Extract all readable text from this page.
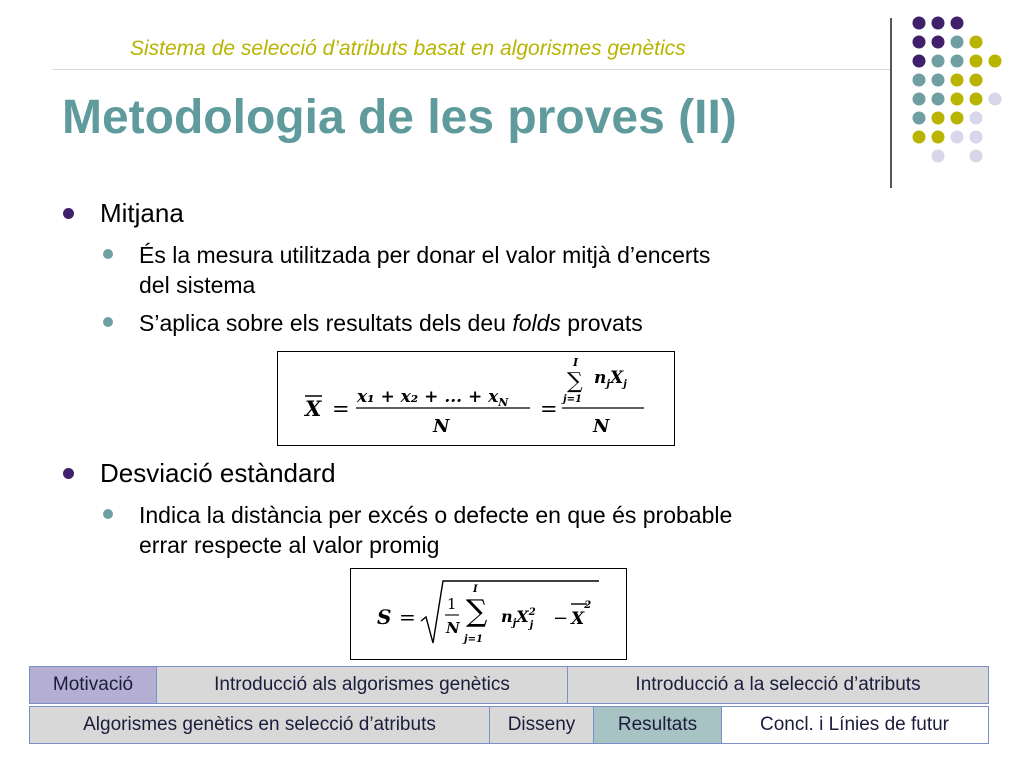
Sistema de selecció d’atributs basat en algorismes genètics
Metodologia de les proves (II)
Mitjana
És la mesura utilitzada per donar el valor mitjà d’encerts
del sistema
S’aplica sobre els resultats dels deu folds provats
X = x₁ + x₂ + ... + $x_N$
N
=
I
∑
j=1
$n_jX_j$
N
Desviació estàndard
Indica la distància per excés o defecte en que és probable
errar respecte al valor promig
S =
1
N
I
∑
j=1
$n_jX^2$ $j - X^2$
Motivació	Introducció als algorismes genètics	Introducció a la selecció d’atributs
Algorismes genètics en selecció d’atributs	Disseny	Resultats	Concl. i Línies de futur
